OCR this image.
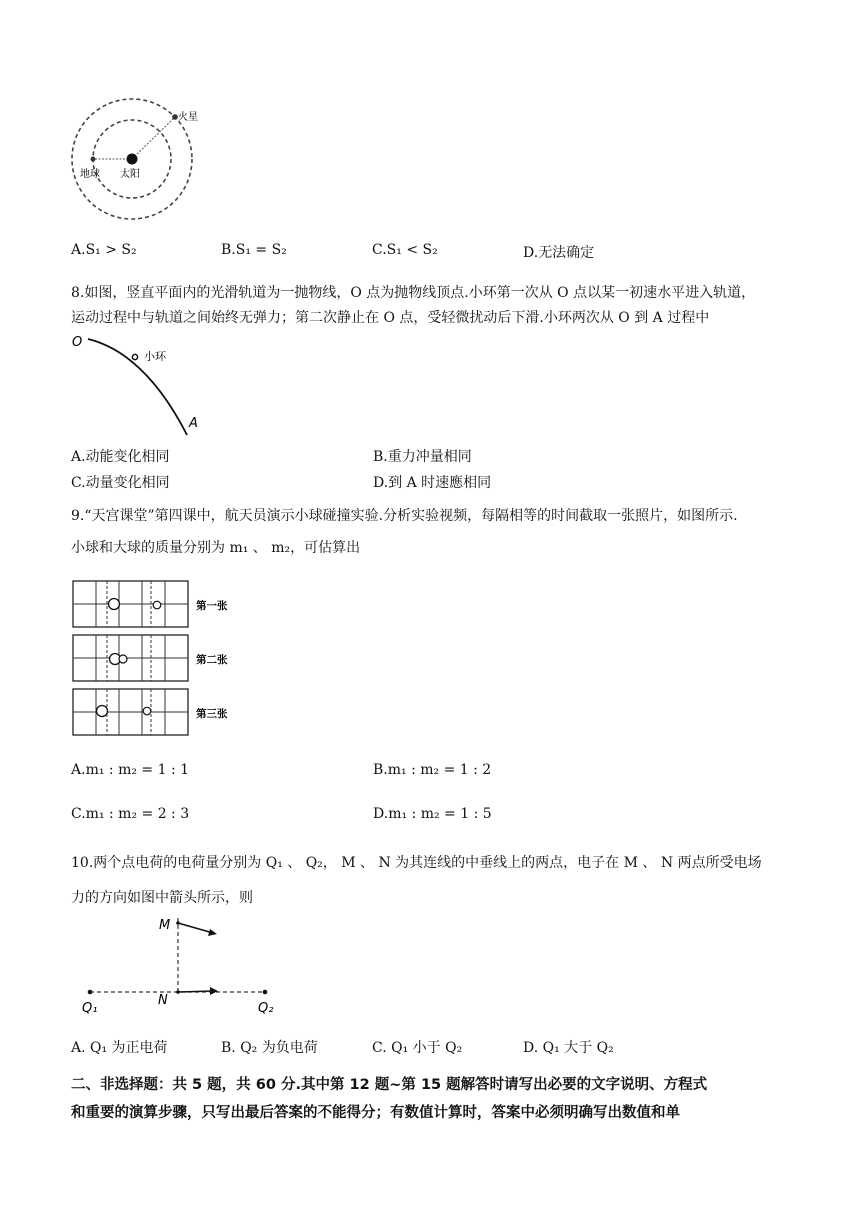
火星
地球 太阳
A.S₁ > S₂	B.S₁ = S₂	C.S₁ < S₂	D.无法确定
8.如图，竖直平面内的光滑轨道为一抛物线，O 点为抛物线顶点.小环第一次从 O 点以某一初速水平进入轨道，
运动过程中与轨道之间始终无弹力；第二次静止在 O 点，受轻微扰动后下滑.小环两次从 O 到 A 过程中
O
小环
A
A.动能变化相同	B.重力冲量相同
C.动量变化相同	D.到 A 时速應相同
9.“天宫课堂”第四课中，航天员演示小球碰撞实验.分析实验视频，每隔相等的时间截取一张照片，如图所示.
小球和大球的质量分别为 m₁ 、 m₂，可估算出
第一张
第二张
第三张
A.m₁ : m₂ = 1 : 1	B.m₁ : m₂ = 1 : 2
C.m₁ : m₂ = 2 : 3	D.m₁ : m₂ = 1 : 5
10.两个点电荷的电荷量分别为 Q₁ 、 Q₂， M 、 N 为其连线的中垂线上的两点，电子在 M 、 N 两点所受电场
力的方向如图中箭头所示，则
M
N
Q₁	Q₂
A. Q₁ 为正电荷	B. Q₂ 为负电荷	C. Q₁ 小于 Q₂	D. Q₁ 大于 Q₂
二、非选择题：共 5 题，共 60 分.其中第 12 题~第 15 题解答时请写出必要的文字说明、方程式
和重要的演算步骤，只写出最后答案的不能得分；有数值计算时，答案中必须明确写出数值和单
